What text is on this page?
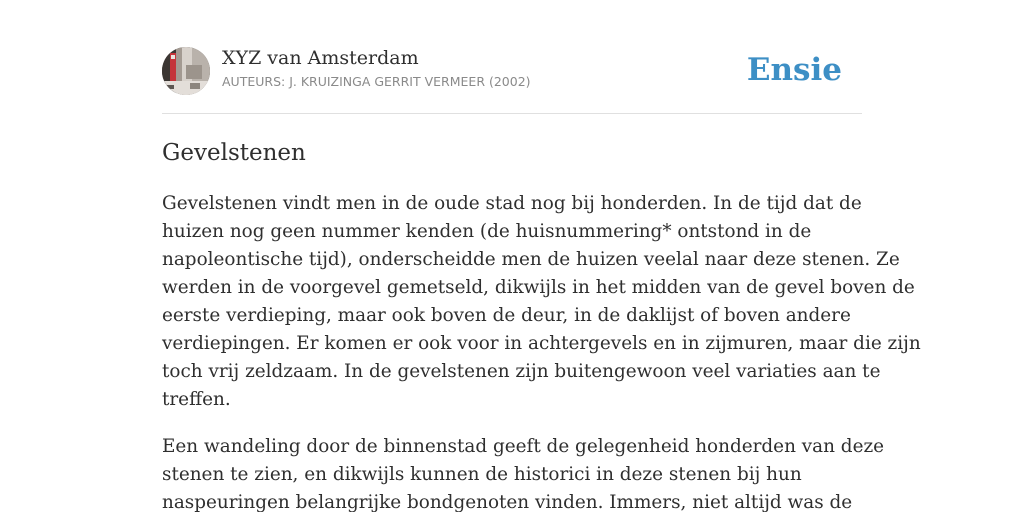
XYZ van Amsterdam
AUTEURS: J. KRUIZINGA GERRIT VERMEER (2002)	Ensie
Gevelstenen

Gevelstenen vindt men in de oude stad nog bij honderden. In de tijd dat de
huizen nog geen nummer kenden (de huisnummering* ontstond in de
napoleontische tijd), onderscheidde men de huizen veelal naar deze stenen. Ze
werden in de voorgevel gemetseld, dikwijls in het midden van de gevel boven de
eerste verdieping, maar ook boven de deur, in de daklijst of boven andere
verdiepingen. Er komen er ook voor in achtergevels en in zijmuren, maar die zijn
toch vrij zeldzaam. In de gevelstenen zijn buitengewoon veel variaties aan te
treffen.

Een wandeling door de binnenstad geeft de gelegenheid honderden van deze
stenen te zien, en dikwijls kunnen de historici in deze stenen bij hun
naspeuringen belangrijke bondgenoten vinden. Immers, niet altijd was de
